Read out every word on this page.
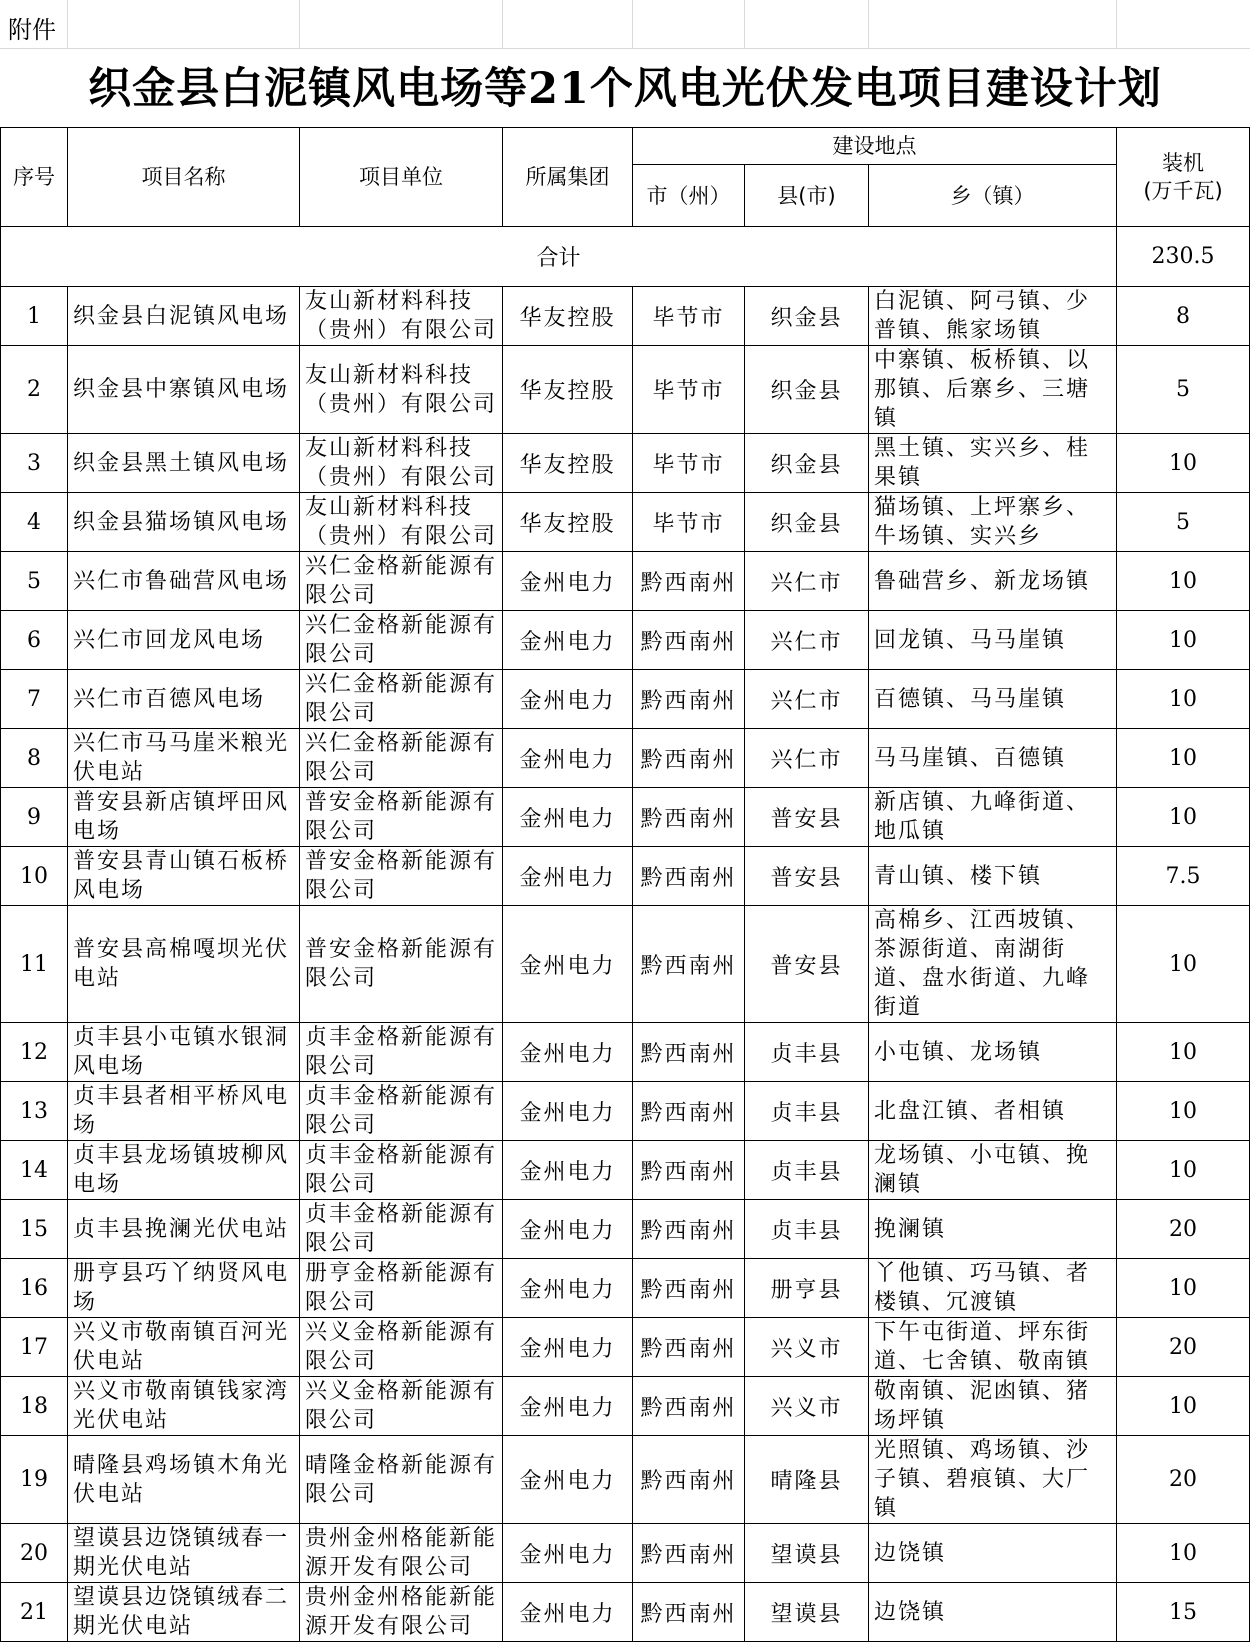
附件
织金县白泥镇风电场等21个风电光伏发电项目建设计划
序号	项目名称	项目单位	所属集团	建设地点			装机
(万千瓦)
				市（州）	县(市)	乡（镇）	
合计							230.5
1	织金县白泥镇风电场	友山新材料科技（贵州）有限公司	华友控股	毕节市	织金县	白泥镇、阿弓镇、少普镇、熊家场镇	8
2	织金县中寨镇风电场	友山新材料科技（贵州）有限公司	华友控股	毕节市	织金县	中寨镇、板桥镇、以那镇、后寨乡、三塘镇	5
3	织金县黑土镇风电场	友山新材料科技（贵州）有限公司	华友控股	毕节市	织金县	黑土镇、实兴乡、桂果镇	10
4	织金县猫场镇风电场	友山新材料科技（贵州）有限公司	华友控股	毕节市	织金县	猫场镇、上坪寨乡、牛场镇、实兴乡	5
5	兴仁市鲁础营风电场	兴仁金格新能源有限公司	金州电力	黔西南州	兴仁市	鲁础营乡、新龙场镇	10
6	兴仁市回龙风电场	兴仁金格新能源有限公司	金州电力	黔西南州	兴仁市	回龙镇、马马崖镇	10
7	兴仁市百德风电场	兴仁金格新能源有限公司	金州电力	黔西南州	兴仁市	百德镇、马马崖镇	10
8	兴仁市马马崖米粮光伏电站	兴仁金格新能源有限公司	金州电力	黔西南州	兴仁市	马马崖镇、百德镇	10
9	普安县新店镇坪田风电场	普安金格新能源有限公司	金州电力	黔西南州	普安县	新店镇、九峰街道、地瓜镇	10
10	普安县青山镇石板桥风电场	普安金格新能源有限公司	金州电力	黔西南州	普安县	青山镇、楼下镇	7.5
11	普安县高棉嘎坝光伏电站	普安金格新能源有限公司	金州电力	黔西南州	普安县	高棉乡、江西坡镇、茶源街道、南湖街道、盘水街道、九峰街道	10
12	贞丰县小屯镇水银洞风电场	贞丰金格新能源有限公司	金州电力	黔西南州	贞丰县	小屯镇、龙场镇	10
13	贞丰县者相平桥风电场	贞丰金格新能源有限公司	金州电力	黔西南州	贞丰县	北盘江镇、者相镇	10
14	贞丰县龙场镇坡柳风电场	贞丰金格新能源有限公司	金州电力	黔西南州	贞丰县	龙场镇、小屯镇、挽澜镇	10
15	贞丰县挽澜光伏电站	贞丰金格新能源有限公司	金州电力	黔西南州	贞丰县	挽澜镇	20
16	册亨县巧丫纳贤风电场	册亨金格新能源有限公司	金州电力	黔西南州	册亨县	丫他镇、巧马镇、者楼镇、冗渡镇	10
17	兴义市敬南镇百河光伏电站	兴义金格新能源有限公司	金州电力	黔西南州	兴义市	下午屯街道、坪东街道、七舍镇、敬南镇	20
18	兴义市敬南镇钱家湾光伏电站	兴义金格新能源有限公司	金州电力	黔西南州	兴义市	敬南镇、泥凼镇、猪场坪镇	10
19	晴隆县鸡场镇木角光伏电站	晴隆金格新能源有限公司	金州电力	黔西南州	晴隆县	光照镇、鸡场镇、沙子镇、碧痕镇、大厂镇	20
20	望谟县边饶镇绒春一期光伏电站	贵州金州格能新能源开发有限公司	金州电力	黔西南州	望谟县	边饶镇	10
21	望谟县边饶镇绒春二期光伏电站	贵州金州格能新能源开发有限公司	金州电力	黔西南州	望谟县	边饶镇	15
